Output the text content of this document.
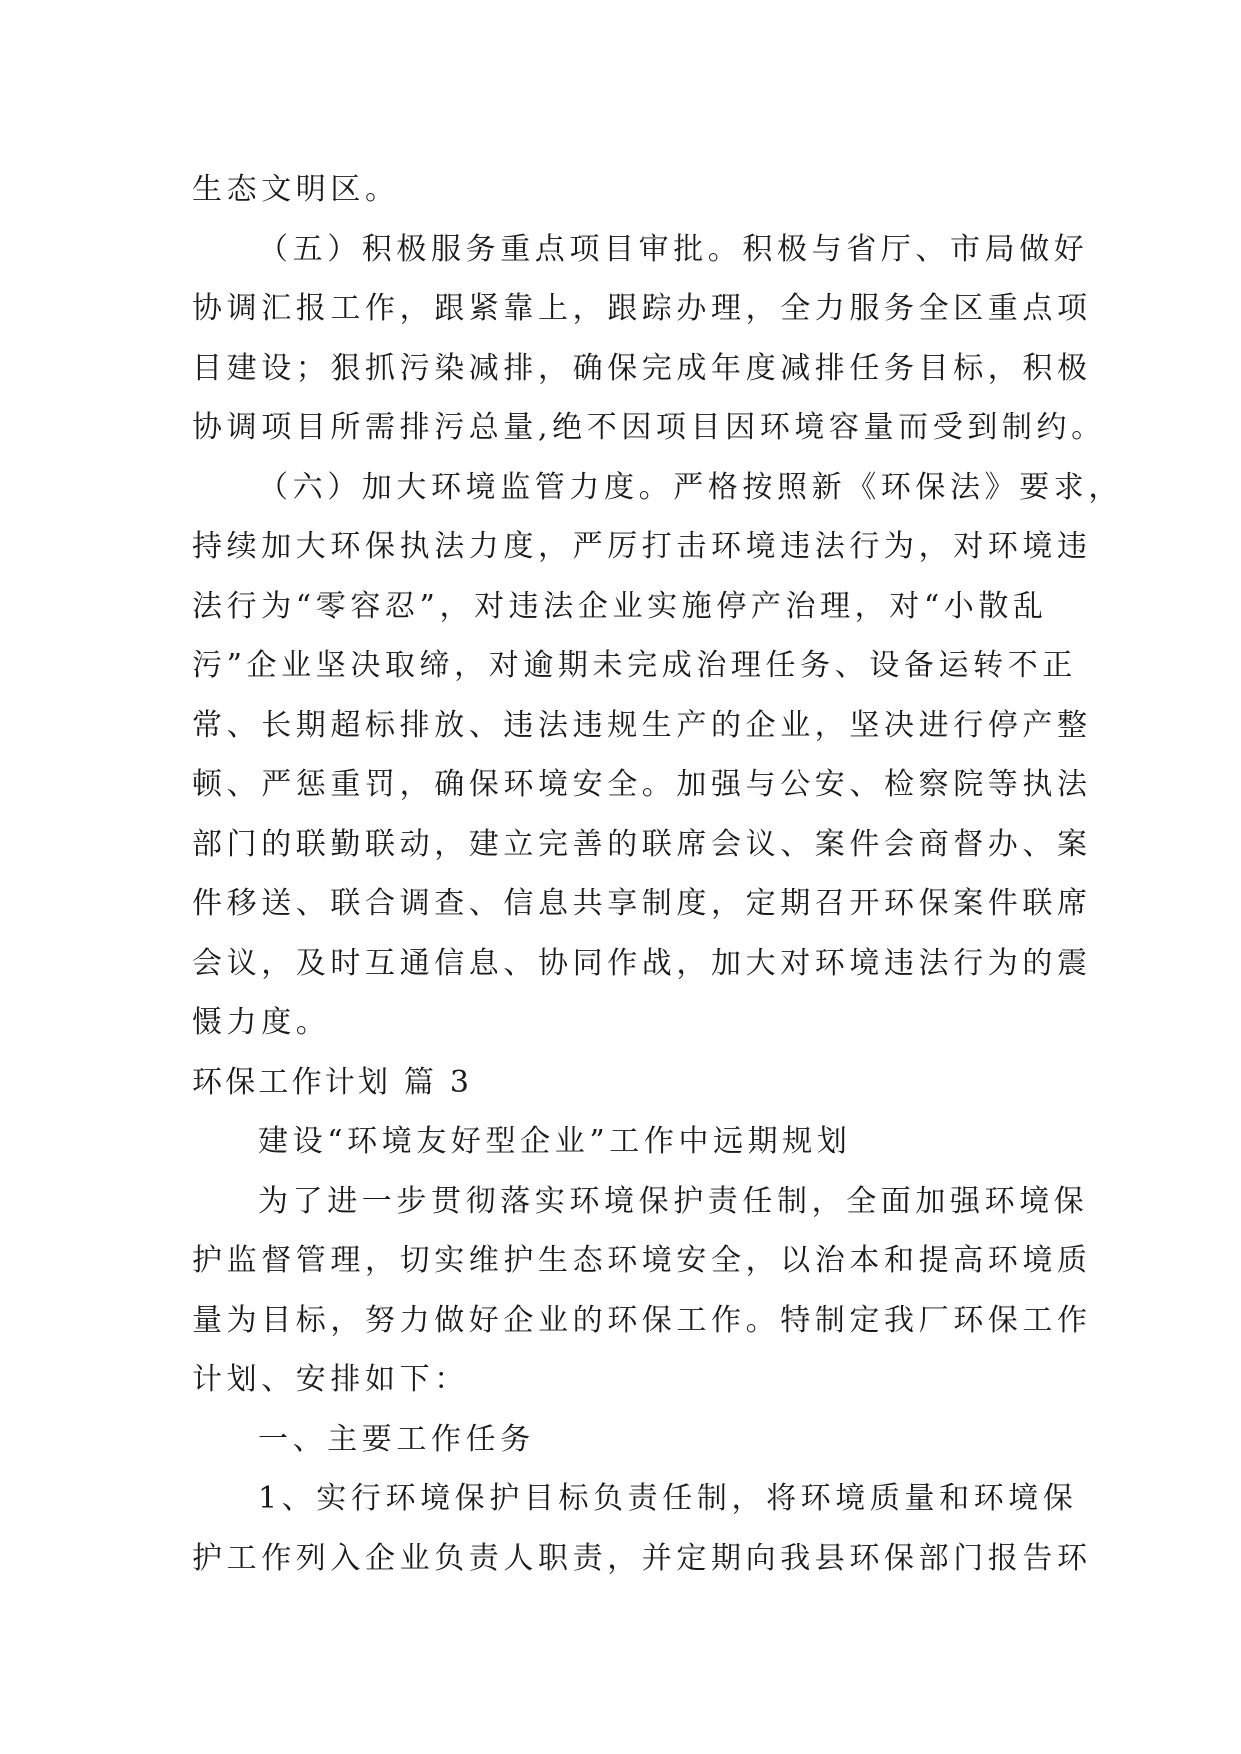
生态文明区。
（五）积极服务重点项目审批。积极与省厅、市局做好
协调汇报工作，跟紧靠上，跟踪办理，全力服务全区重点项
目建设；狠抓污染减排，确保完成年度减排任务目标，积极
协调项目所需排污总量,绝不因项目因环境容量而受到制约。
（六）加大环境监管力度。严格按照新《环保法》要求，
持续加大环保执法力度，严厉打击环境违法行为，对环境违
法行为“零容忍”，对违法企业实施停产治理，对“小散乱
污”企业坚决取缔，对逾期未完成治理任务、设备运转不正
常、长期超标排放、违法违规生产的企业，坚决进行停产整
顿、严惩重罚，确保环境安全。加强与公安、检察院等执法
部门的联勤联动，建立完善的联席会议、案件会商督办、案
件移送、联合调查、信息共享制度，定期召开环保案件联席
会议，及时互通信息、协同作战，加大对环境违法行为的震
慑力度。
环保工作计划 篇 3
建设“环境友好型企业”工作中远期规划
为了进一步贯彻落实环境保护责任制，全面加强环境保
护监督管理，切实维护生态环境安全，以治本和提高环境质
量为目标，努力做好企业的环保工作。特制定我厂环保工作
计划、安排如下：
一、主要工作任务
1、实行环境保护目标负责任制，将环境质量和环境保
护工作列入企业负责人职责，并定期向我县环保部门报告环
